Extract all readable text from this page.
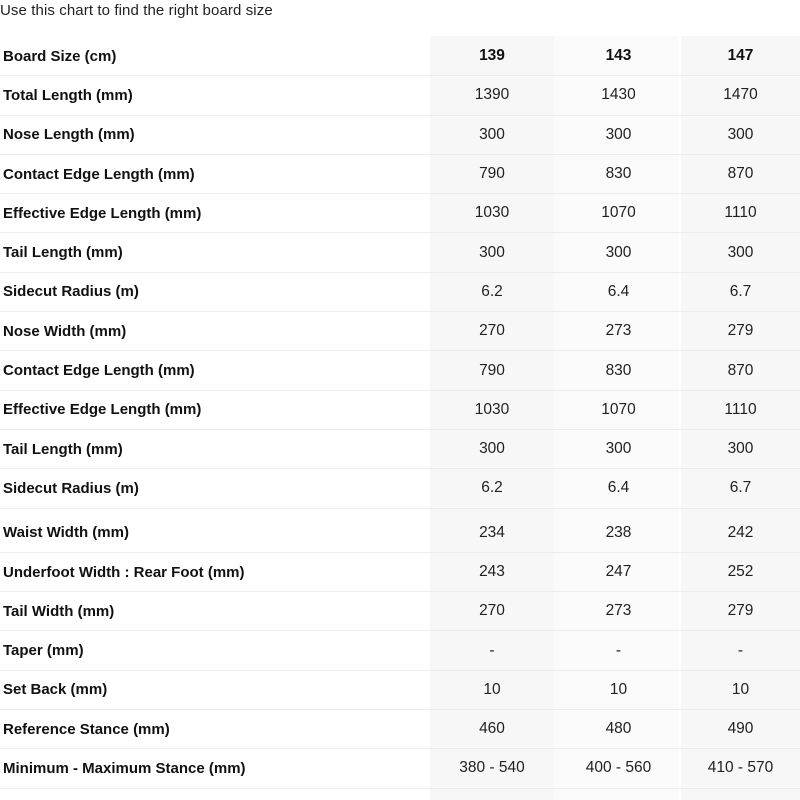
Use this chart to find the right board size
Board Size (cm)	139	143	147
Total Length (mm)	1390	1430	1470
Nose Length (mm)	300	300	300
Contact Edge Length (mm)	790	830	870
Effective Edge Length (mm)	1030	1070	1110
Tail Length (mm)	300	300	300
Sidecut Radius (m)	6.2	6.4	6.7
Nose Width (mm)	270	273	279
Contact Edge Length (mm)	790	830	870
Effective Edge Length (mm)	1030	1070	1110
Tail Length (mm)	300	300	300
Sidecut Radius (m)	6.2	6.4	6.7
Waist Width (mm)	234	238	242
Underfoot Width : Rear Foot (mm)	243	247	252
Tail Width (mm)	270	273	279
Taper (mm)	-	-	-
Set Back (mm)	10	10	10
Reference Stance (mm)	460	480	490
Minimum - Maximum Stance (mm)	380 - 540	400 - 560	410 - 570
